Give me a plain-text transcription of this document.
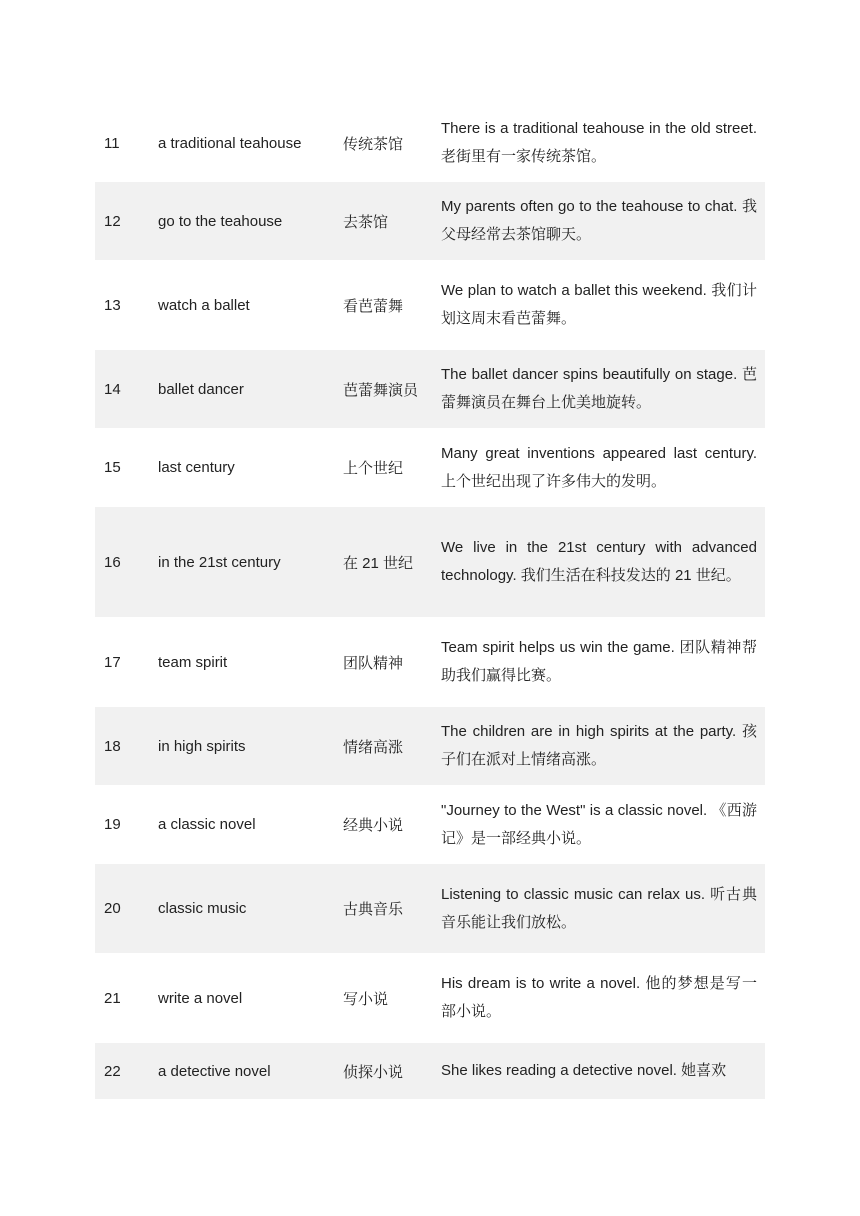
11	a traditional teahouse	传统茶馆	There is a traditional teahouse in the old street. 老街里有一家传统茶馆。

12	go to the teahouse	去茶馆	My parents often go to the teahouse to chat. 我父母经常去茶馆聊天。

13	watch a ballet	看芭蕾舞	We plan to watch a ballet this weekend. 我们计划这周末看芭蕾舞。

14	ballet dancer	芭蕾舞演员	The ballet dancer spins beautifully on stage. 芭蕾舞演员在舞台上优美地旋转。

15	last century	上个世纪	Many great inventions appeared last century. 上个世纪出现了许多伟大的发明。

16	in the 21st century	在 21 世纪	We live in the 21st century with advanced technology. 我们生活在科技发达的 21 世纪。

17	team spirit	团队精神	Team spirit helps us win the game. 团队精神帮助我们赢得比赛。

18	in high spirits	情绪高涨	The children are in high spirits at the party. 孩子们在派对上情绪高涨。

19	a classic novel	经典小说	"Journey to the West" is a classic novel. 《西游记》是一部经典小说。

20	classic music	古典音乐	Listening to classic music can relax us. 听古典音乐能让我们放松。

21	write a novel	写小说	His dream is to write a novel. 他的梦想是写一部小说。

22	a detective novel	侦探小说	She likes reading a detective novel. 她喜欢
